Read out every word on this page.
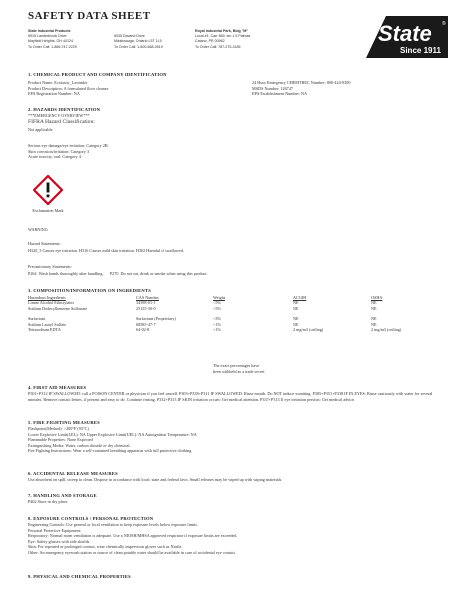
SAFETY DATA SHEET
State Industrial Products
5915 Landerbrook Drive
Mayfield Heights, OH 44124
To Order Call: 1-866-747-2229
6935 Davand Drive
Mississauga, Ontario L5T 1L5
To Order Call: 1-800-668-0519
Royal Industrial Park, Bldg "M"
Local #1, Carr 869, km 1.5 Palmas
Catano, PR 00962
To Order Call: 787-275-3185
State ®
Since 1911
1. CHEMICAL PRODUCT AND COMPANY IDENTIFICATION
Product Name: Ecotastic_Lavender
Product Description: A formulated floor cleaner.
EPA Registration Number: NA
24 Hour Emergency CHEMTREC Number: 800-424-9300
MSDS Number: 126747
EPA Establishment Number: NA
2. HAZARDS IDENTIFICATION
***EMERGENCY OVERVIEW***
FIFRA Hazard Classification:
Not applicable
Serious eye damage/eye irritation: Category 2B
Skin corrosion/irritation: Category 3
Acute toxicity, oral: Category 4
Exclamation Mark
WARNING
Hazard Statements:
H320_3 Causes eye irritation. H316 Causes mild skin irritation. H302 Harmful if swallowed.
Precautionary Statements:
P264  Wash hands thoroughly after handling.      P270  Do not eat, drink or smoke when using this product.
3. COMPOSITION/INFORMATION ON INGREDIENTS
Hazardous Ingredients	CAS Number	Weight	ACGIH	OSHA
Linear Alcohol Ethoxylates	34398-01-1	<5%	NE	NE
Sodium Dodecylbenzene Sulfonate	25155-30-0	<5%	NE	NE
Surfactant	Surfactant (Proprietary)	<3%	NE	NE
Sodium Lauryl Sulfate	68585-47-7	<1%	NE	NE
Tetrasodium EDTA	64-02-8	<1%	2 mg/m3 (ceiling)	2 mg/m3 (ceiling)
The exact percentages have
been withheld as a trade secret.
4. FIRST AID MEASURES
P301+P312 IF SWALLOWED: call a POISON CENTER or physician if you feel unwell. P303+P338+P311 IF SWALLOWED: Rinse mouth. Do NOT induce vomiting. P305+P351+P338 IF IN EYES: Rinse cautiously with water for several minutes. Remove contact lenses, if present and easy to do. Continue rinsing. P332+P313 IF SKIN irritation occurs: Get medical attention. P337+P313 If eye irritation persists: Get medical advice.
5. FIRE FIGHTING MEASURES
Flashpoint(Method): >200°F (93°C)
Lower Explosive Limit(LEL): NA Upper Explosive Limit(UEL): NA Autoignition Temperature: NA
Flammable Properties: None Expected
Extinguishing Media: Water, carbon dioxide or dry chemical.
Fire Fighting Instructions: Wear a self-contained breathing apparatus with full protective clothing.
6. ACCIDENTAL RELEASE MEASURES
Use absorbent on spill, sweep to clean. Dispose in accordance with local, state and federal laws. Small releases may be wiped up with wiping materials.
7. HANDLING AND STORAGE
P402 Store in dry place.
8. EXPOSURE CONTROLS / PERSONAL PROTECTION
Engineering Controls: Use general or local ventilation to keep exposure levels below exposure limits.
Personal Protective Equipment:
Respiratory: Normal room ventilation is adequate. Use a NIOSH/MHSA approved respirator if exposure limits are exceeded.
Eye: Safety glasses with side shields.
Skin: For repeated or prolonged contact, wear chemically impervious gloves such as Nitrile.
Other: An emergency eyewash station or source of clean potable water should be available in case of accidental eye contact.
9. PHYSICAL AND CHEMICAL PROPERTIES
